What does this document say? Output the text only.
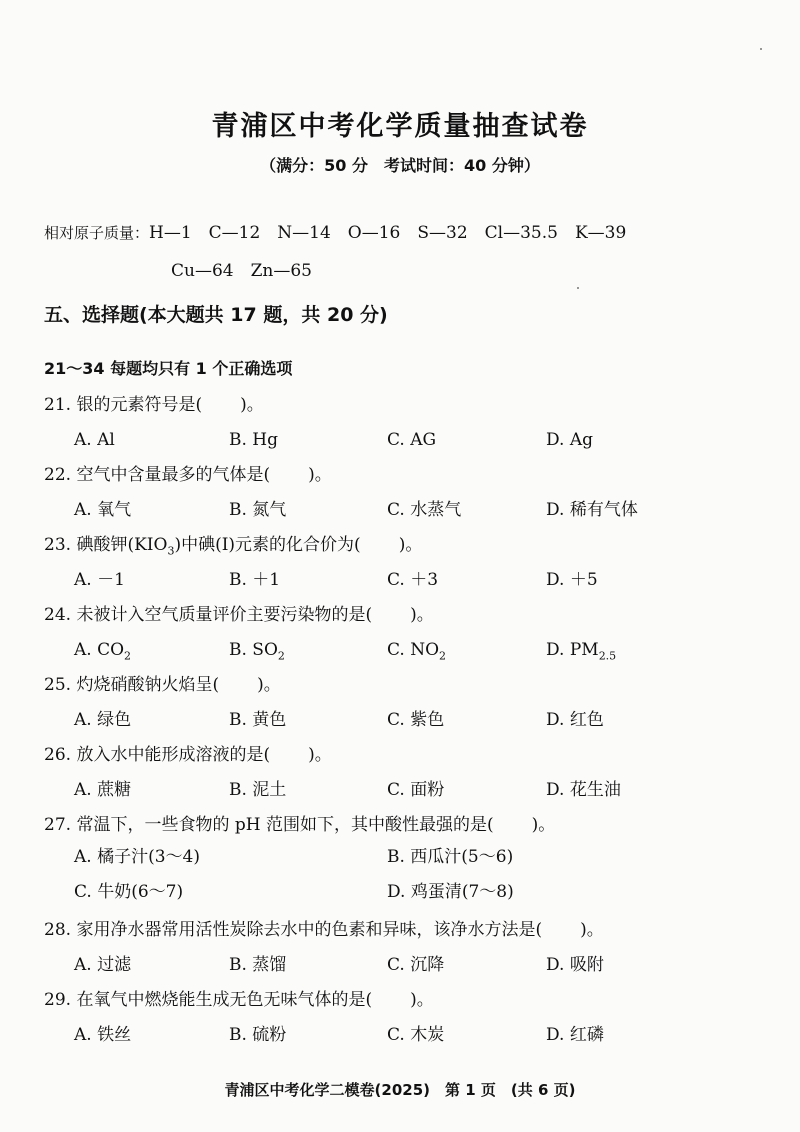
青浦区中考化学质量抽查试卷
（满分：50 分　考试时间：40 分钟）
相对原子质量：H—1　C—12　N—14　O—16　S—32　Cl—35.5　K—39
Cu—64　Zn—65
五、选择题(本大题共 17 题，共 20 分)
21～34 每题均只有 1 个正确选项
21. 银的元素符号是( )。
A. Al	B. Hg	C. AG	D. Ag
22. 空气中含量最多的气体是( )。
A. 氧气	B. 氮气	C. 水蒸气	D. 稀有气体
23. 碘酸钾$(KIO_3)$中碘(I)元素的化合价为( )。
A. －1	B. ＋1	C. ＋3	D. ＋5
24. 未被计入空气质量评价主要污染物的是( )。
A. $CO_2$	B. $SO_2$	C. $NO_2$	D. $PM_{2.5}$
25. 灼烧硝酸钠火焰呈( )。
A. 绿色	B. 黄色	C. 紫色	D. 红色
26. 放入水中能形成溶液的是( )。
A. 蔗糖	B. 泥土	C. 面粉	D. 花生油
27. 常温下，一些食物的 pH 范围如下，其中酸性最强的是( )。
A. 橘子汁(3～4)	B. 西瓜汁(5～6)
C. 牛奶(6～7)	D. 鸡蛋清(7～8)
28. 家用净水器常用活性炭除去水中的色素和异味，该净水方法是( )。
A. 过滤	B. 蒸馏	C. 沉降	D. 吸附
29. 在氧气中燃烧能生成无色无味气体的是( )。
A. 铁丝	B. 硫粉	C. 木炭	D. 红磷
青浦区中考化学二模卷(2025)　第 1 页　(共 6 页)
